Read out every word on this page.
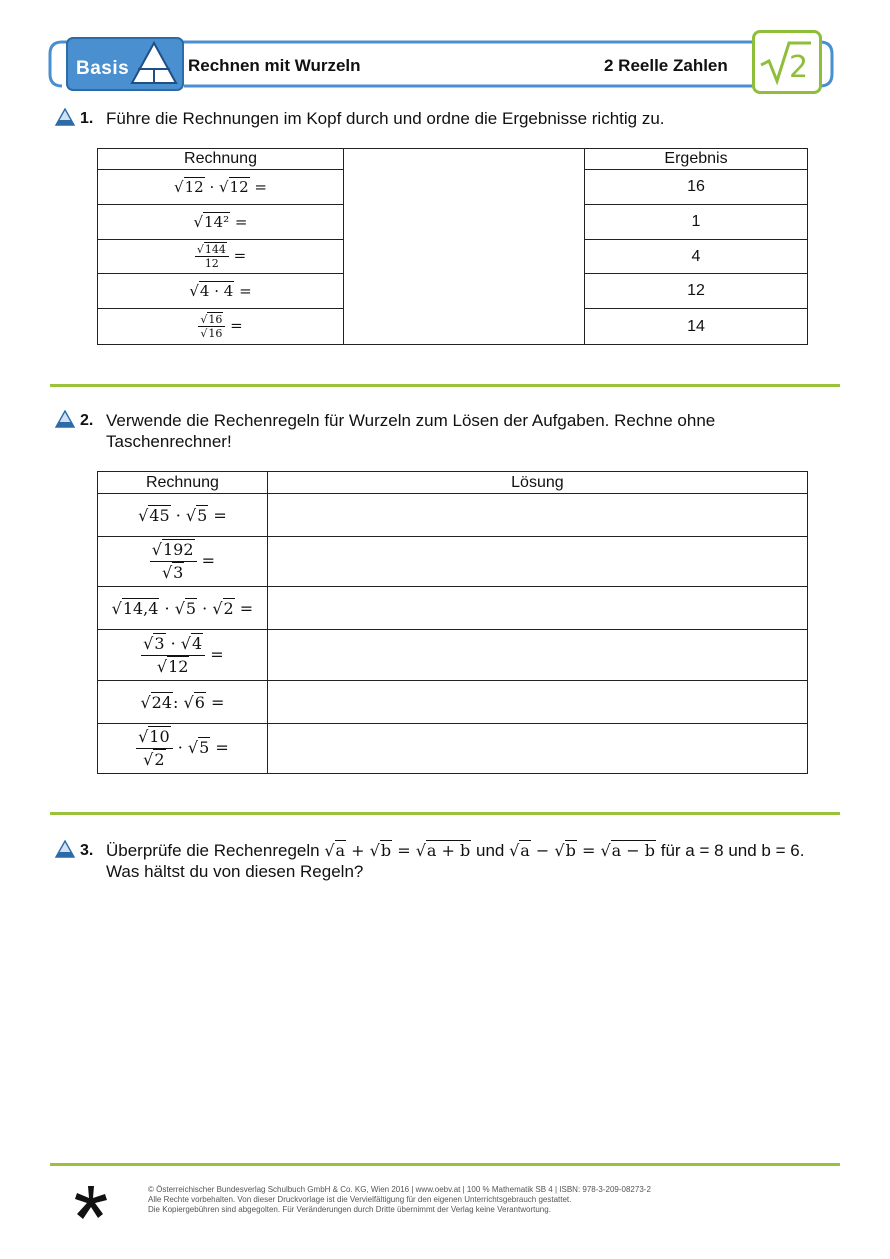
Basis	Rechnen mit Wurzeln	2 Reelle Zahlen 2
1. Führe die Rechnungen im Kopf durch und ordne die Ergebnisse richtig zu.
Rechnung		Ergebnis
√12 · √12 =		16
√14² =		1

$\frac{√144}{12}$ =		4
√4 · 4 =		12

$\frac{√16}{√16}$ =		14
2. Verwende die Rechenregeln für Wurzeln zum Lösen der Aufgaben. Rechne ohne
Taschenrechner!
Rechnung	Lösung
√45 · √5 =	

$\frac{√192}{√3}$ =	
√14,4 · √5 · √2 =	

$\frac{√3 \cdot √4}{√12}$ =	
√24: √6 =	

$\frac{√10}{√2} \cdot √5$ =	
3. Überprüfe die Rechenregeln √a + √b = √a + b und √a − √b = √a − b für a = 8 und b = 6.
Was hältst du von diesen Regeln?
© Österreichischer Bundesverlag Schulbuch GmbH & Co. KG, Wien 2016 | www.oebv.at | 100 % Mathematik SB 4 | ISBN: 978-3-209-08273-2
Alle Rechte vorbehalten. Von dieser Druckvorlage ist die Vervielfältigung für den eigenen Unterrichtsgebrauch gestattet.
Die Kopiergebühren sind abgegolten. Für Veränderungen durch Dritte übernimmt der Verlag keine Verantwortung.
